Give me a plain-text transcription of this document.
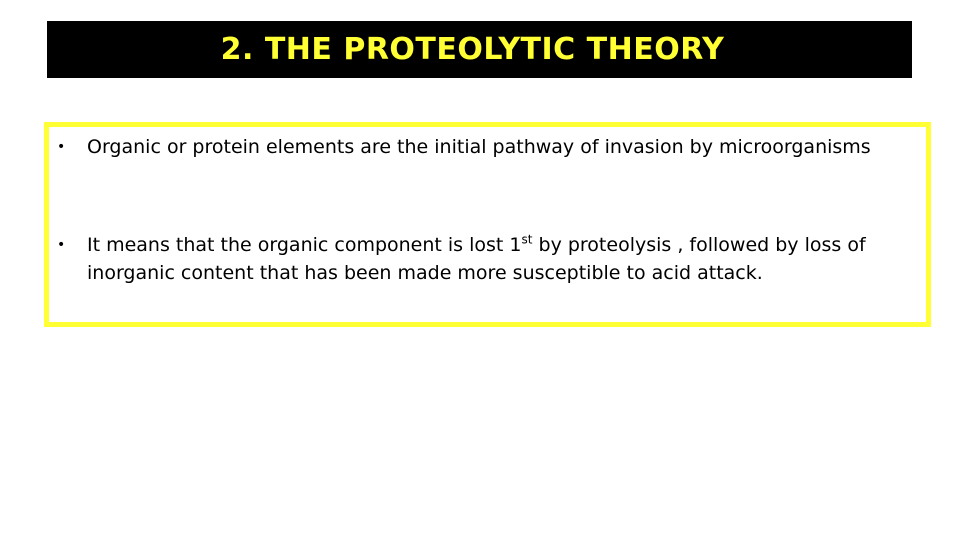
2. THE PROTEOLYTIC THEORY
•	Organic or protein elements are the initial pathway of invasion by microorganisms
•	It means that the organic component is lost 1st by proteolysis , followed by loss of inorganic content that has been made more susceptible to acid attack.
